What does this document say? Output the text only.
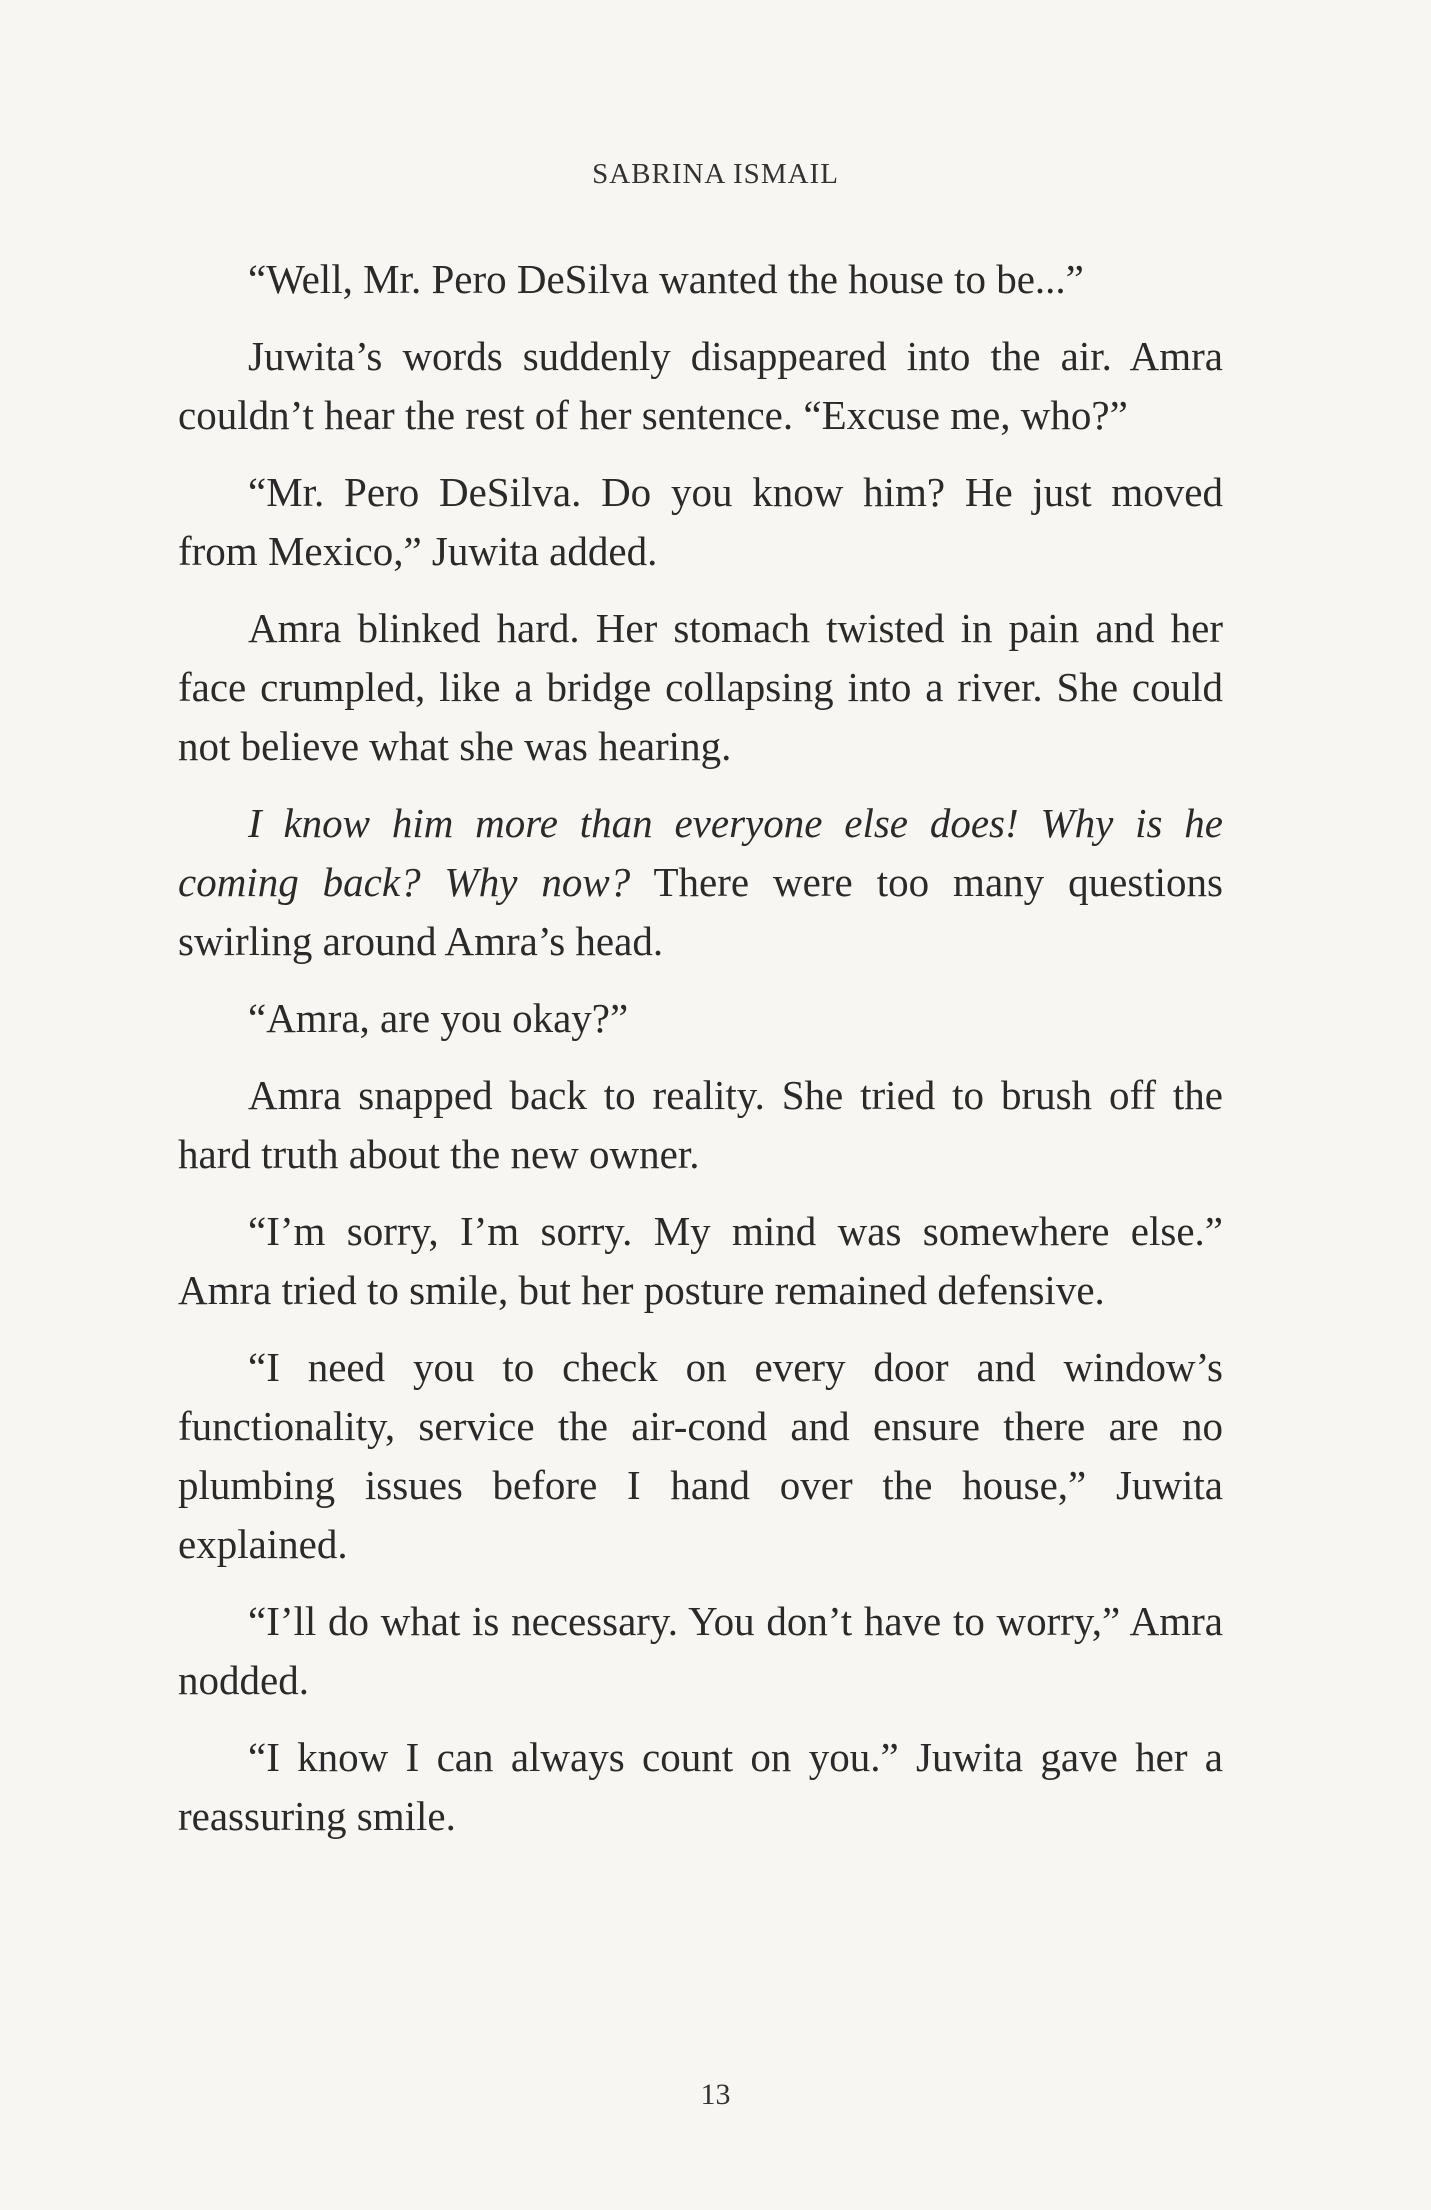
SABRINA ISMAIL

“Well, Mr. Pero DeSilva wanted the house to be...”

Juwita’s words suddenly disappeared into the air. Amra couldn’t hear the rest of her sentence. “Excuse me, who?”

“Mr. Pero DeSilva. Do you know him? He just moved from Mexico,” Juwita added.

Amra blinked hard. Her stomach twisted in pain and her face crumpled, like a bridge collapsing into a river. She could not believe what she was hearing.

I know him more than everyone else does! Why is he coming back? Why now? There were too many questions swirling around Amra’s head.

“Amra, are you okay?”

Amra snapped back to reality. She tried to brush off the hard truth about the new owner.

“I’m sorry, I’m sorry. My mind was somewhere else.” Amra tried to smile, but her posture remained defensive.

“I need you to check on every door and window’s functionality, service the air-cond and ensure there are no plumbing issues before I hand over the house,” Juwita explained.

“I’ll do what is necessary. You don’t have to worry,” Amra nodded.

“I know I can always count on you.” Juwita gave her a reassuring smile.

13
